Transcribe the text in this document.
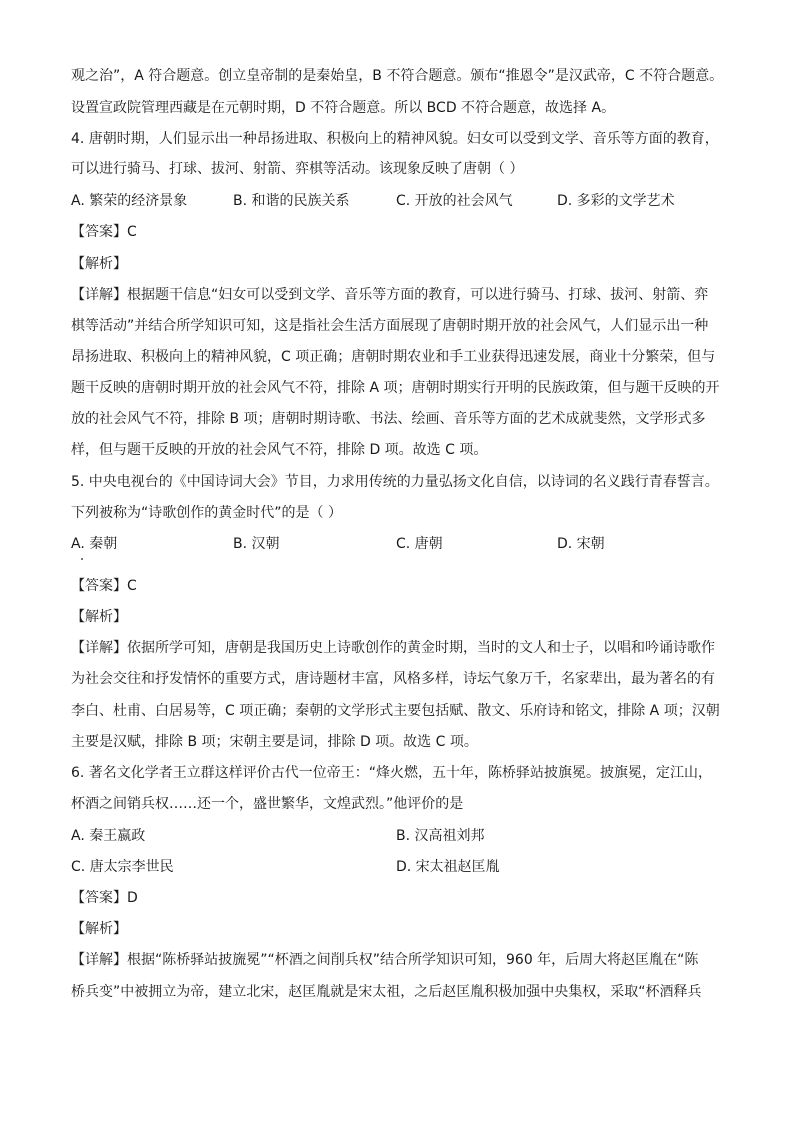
观之治”，A 符合题意。创立皇帝制的是秦始皇，B 不符合题意。颁布“推恩令”是汉武帝，C 不符合题意。
设置宣政院管理西藏是在元朝时期，D 不符合题意。所以 BCD 不符合题意，故选择 A。
4. 唐朝时期，人们显示出一种昂扬进取、积极向上的精神风貌。妇女可以受到文学、音乐等方面的教育，
可以进行骑马、打球、拔河、射箭、弈棋等活动。该现象反映了唐朝（ ）
A. 繁荣的经济景象	B. 和谐的民族关系	C. 开放的社会风气	D. 多彩的文学艺术
【答案】C
【解析】
【详解】根据题干信息“妇女可以受到文学、音乐等方面的教育，可以进行骑马、打球、拔河、射箭、弈
棋等活动”并结合所学知识可知，这是指社会生活方面展现了唐朝时期开放的社会风气，人们显示出一种
昂扬进取、积极向上的精神风貌，C 项正确；唐朝时期农业和手工业获得迅速发展，商业十分繁荣，但与
题干反映的唐朝时期开放的社会风气不符，排除 A 项；唐朝时期实行开明的民族政策，但与题干反映的开
放的社会风气不符，排除 B 项；唐朝时期诗歌、书法、绘画、音乐等方面的艺术成就斐然，文学形式多
样，但与题干反映的开放的社会风气不符，排除 D 项。故选 C 项。
5. 中央电视台的《中国诗词大会》节目，力求用传统的力量弘扬文化自信，以诗词的名义践行青春誓言。
下列被称为“诗歌创作的黄金时代”的是（ ）
A. 秦朝	B. 汉朝	C. 唐朝	D. 宋朝
【答案】C
【解析】
【详解】依据所学可知，唐朝是我国历史上诗歌创作的黄金时期，当时的文人和士子，以唱和吟诵诗歌作
为社会交往和抒发情怀的重要方式，唐诗题材丰富，风格多样，诗坛气象万千，名家辈出，最为著名的有
李白、杜甫、白居易等，C 项正确；秦朝的文学形式主要包括赋、散文、乐府诗和铭文，排除 A 项；汉朝
主要是汉赋，排除 B 项；宋朝主要是词，排除 D 项。故选 C 项。
6. 著名文化学者王立群这样评价古代一位帝王：“烽火燃，五十年，陈桥驿站披旗冕。披旗冕，定江山，
杯酒之间销兵权……还一个，盛世繁华，文煌武烈。”他评价的是
A. 秦王嬴政	B. 汉高祖刘邦
C. 唐太宗李世民	D. 宋太祖赵匡胤
【答案】D
【解析】
【详解】根据“陈桥驿站披旒冕”“杯酒之间削兵权”结合所学知识可知，960 年，后周大将赵匡胤在“陈
桥兵变”中被拥立为帝，建立北宋，赵匡胤就是宋太祖，之后赵匡胤积极加强中央集权，采取“杯酒释兵
